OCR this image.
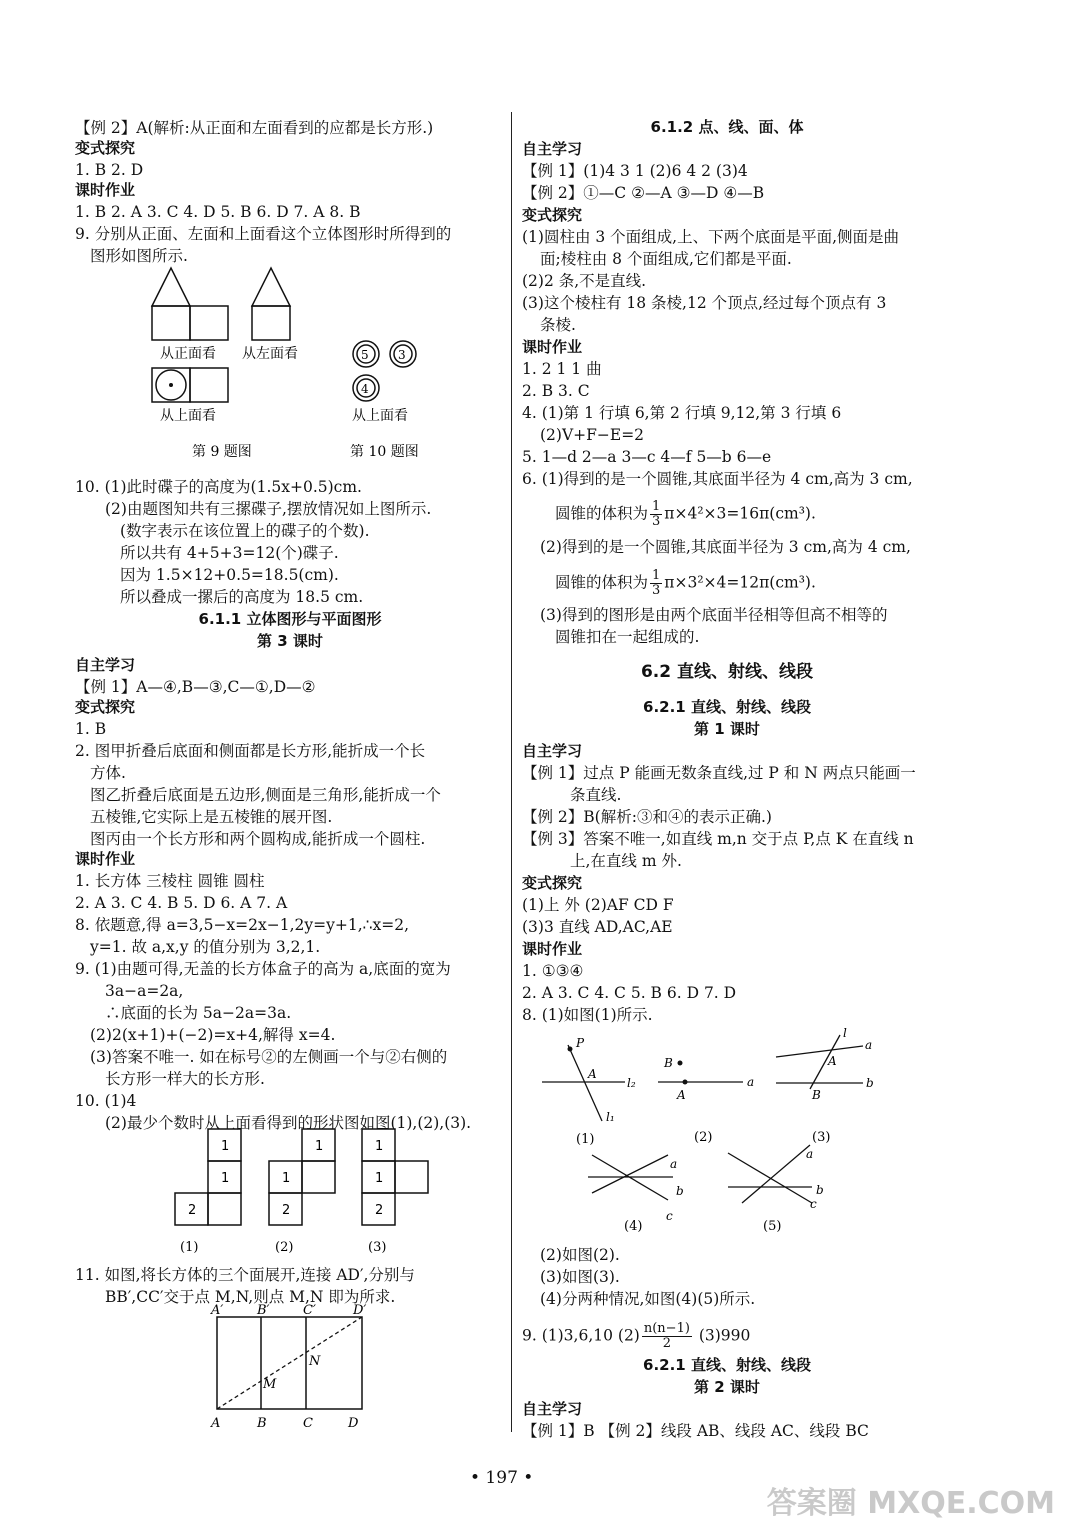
【例 2】A(解析:从正面和左面看到的应都是长方形.)
变式探究
1. B 2. D
课时作业
1. B 2. A 3. C 4. D 5. B 6. D 7. A 8. B
9. 分别从正面、左面和上面看这个立体图形时所得到的
图形如图所示.
10. (1)此时碟子的高度为(1.5x+0.5)cm.
(2)由题图知共有三摞碟子,摆放情况如上图所示.
(数字表示在该位置上的碟子的个数).
所以共有 4+5+3=12(个)碟子.
因为 1.5×12+0.5=18.5(cm).
所以叠成一摞后的高度为 18.5 cm.
6.1.1 立体图形与平面图形
第 3 课时
自主学习
【例 1】A—④,B—③,C—①,D—②
变式探究
1. B
2. 图甲折叠后底面和侧面都是长方形,能折成一个长
方体.
图乙折叠后底面是五边形,侧面是三角形,能折成一个
五棱锥,它实际上是五棱锥的展开图.
图丙由一个长方形和两个圆构成,能折成一个圆柱.
课时作业
1. 长方体 三棱柱 圆锥 圆柱
2. A 3. C 4. B 5. D 6. A 7. A
8. 依题意,得 a=3,5−x=2x−1,2y=y+1,∴x=2,
y=1. 故 a,x,y 的值分别为 3,2,1.
9. (1)由题可得,无盖的长方体盒子的高为 a,底面的宽为
3a−a=2a,
∴底面的长为 5a−2a=3a.
(2)2(x+1)+(−2)=x+4,解得 x=4.
(3)答案不唯一. 如在标号②的左侧画一个与②右侧的
长方形一样大的长方形.
10. (1)4
(2)最少个数时从上面看得到的形状图如图(1),(2),(3).
11. 如图,将长方体的三个面展开,连接 AD′,分别与
BB′,CC′交于点 M,N,则点 M,N 即为所求.
6.1.2 点、线、面、体
自主学习
【例 1】(1)4 3 1 (2)6 4 2 (3)4
【例 2】①—C ②—A ③—D ④—B
变式探究
(1)圆柱由 3 个面组成,上、下两个底面是平面,侧面是曲
面;棱柱由 8 个面组成,它们都是平面.
(2)2 条,不是直线.
(3)这个棱柱有 18 条棱,12 个顶点,经过每个顶点有 3
条棱.
课时作业
1. 2 1 1 曲
2. B 3. C
4. (1)第 1 行填 6,第 2 行填 9,12,第 3 行填 6
(2)V+F−E=2
5. 1—d 2—a 3—c 4—f 5—b 6—e
6. (1)得到的是一个圆锥,其底面半径为 4 cm,高为 3 cm,
(2)得到的是一个圆锥,其底面半径为 3 cm,高为 4 cm,
(3)得到的图形是由两个底面半径相等但高不相等的
圆锥扣在一起组成的.
6.2 直线、射线、线段
6.2.1 直线、射线、线段
第 1 课时
自主学习
【例 1】过点 P 能画无数条直线,过 P 和 N 两点只能画一
条直线.
【例 2】B(解析:③和④的表示正确.)
【例 3】答案不唯一,如直线 m,n 交于点 P,点 K 在直线 n
上,在直线 m 外.
变式探究
(1)上 外 (2)AF CD F
(3)3 直线 AD,AC,AE
课时作业
1. ①③④
2. A 3. C 4. C 5. B 6. D 7. D
8. (1)如图(1)所示.
(2)如图(2).
(3)如图(3).
(4)分两种情况,如图(4)(5)所示.
6.2.1 直线、射线、线段
第 2 课时
自主学习
【例 1】B 【例 2】线段 AB、线段 AC、线段 BC
圆锥的体积为 $\frac{1}{3} \pi\times 4^2\times 3=16\pi(cm^3)$.
圆锥的体积为 $\frac{1}{3} \pi\times 3^2\times 4=12\pi(cm^3)$.
9. (1)3,6,10 $(2) \frac{n(n-1)}{2} (3)990$
从正面看 从左面看
从上面看
5 3
4
从上面看
第 9 题图	第 10 题图
1
1
2
1
1
2
1
1
2
(1)	(2)	(3)
A′	B′	C′	D′
A	B	C	D
M
N
P
A
l₂
l₁
B
A
a
l
a
b
A
B
a
b
c
a
b
c
(1)	(2)	(3)
(4)	(5)
• 197 •
答案圈 MXQE.COM
